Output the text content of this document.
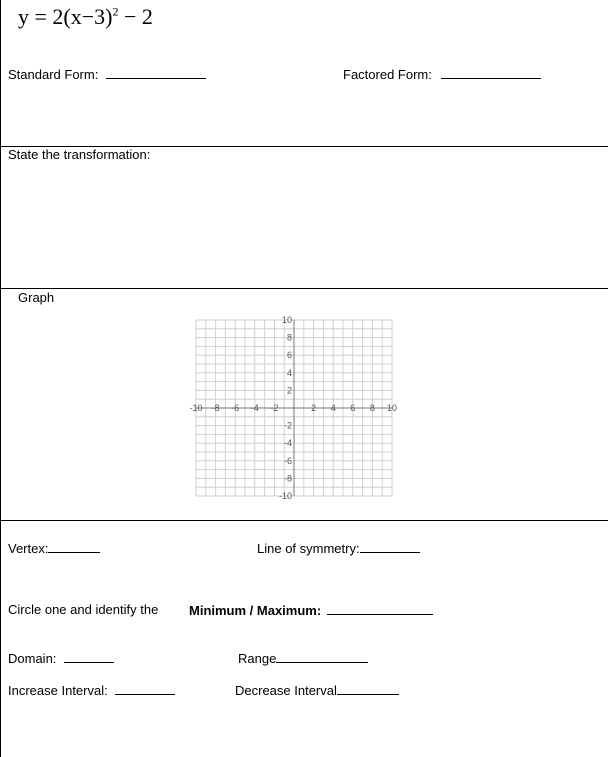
$y = 2(x-3)^2 - 2$
Standard Form:	Factored Form:
State the transformation:
Graph
-10 -8 -6 -4 -2	2 4 6 8 10
10
8
6
4
2
-2
-4
-6
-8
-10
Vertex:	Line of symmetry:
Circle one and identify the Minimum / Maximum:
Domain:	Range
Increase Interval:	Decrease Interval
